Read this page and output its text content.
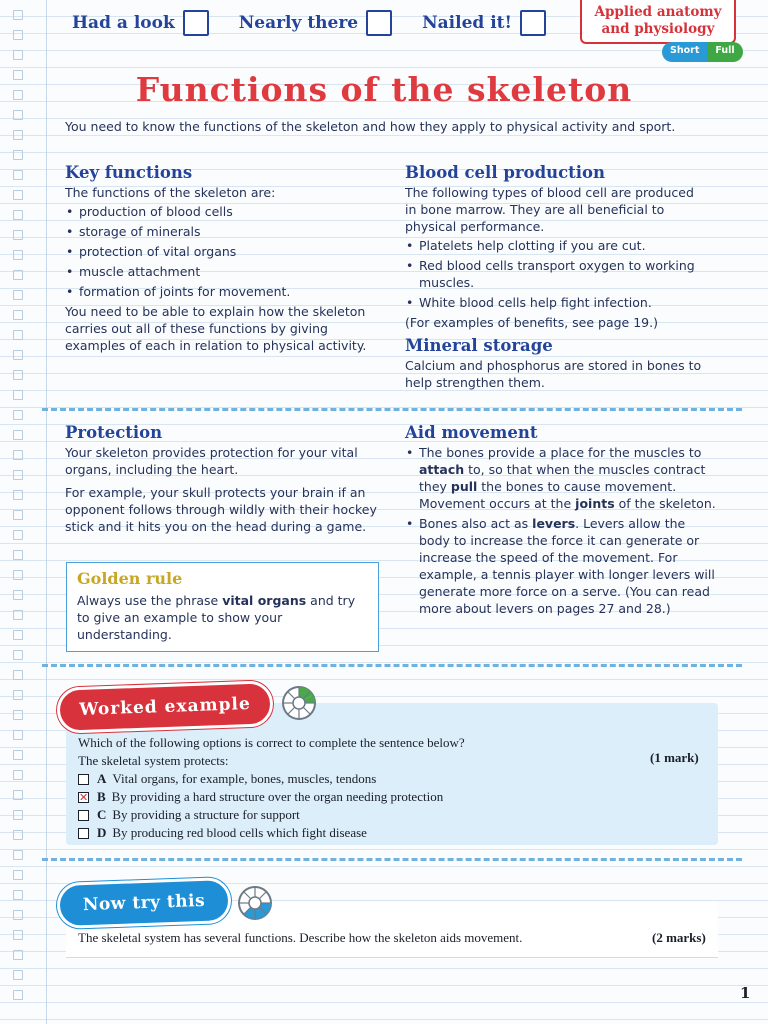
Had a look	Nearly there	Nailed it!
Applied anatomy
and physiology
Short	Full
Functions of the skeleton

You need to know the functions of the skeleton and how they apply to physical activity and sport.

Key functions

The functions of the skeleton are:

• production of blood cells
• storage of minerals
• protection of vital organs
• muscle attachment
• formation of joints for movement.

You need to be able to explain how the skeleton carries out all of these functions by giving examples of each in relation to physical activity.

Blood cell production

The following types of blood cell are produced in bone marrow. They are all beneficial to physical performance.

• Platelets help clotting if you are cut.
• Red blood cells transport oxygen to working muscles.
• White blood cells help fight infection.

(For examples of benefits, see page 19.)

Mineral storage

Calcium and phosphorus are stored in bones to help strengthen them.

Protection

Your skeleton provides protection for your vital organs, including the heart.

For example, your skull protects your brain if an opponent follows through wildly with their hockey stick and it hits you on the head during a game.

Golden rule
Always use the phrase vital organs and try to give an example to show your understanding.
Aid movement
• The bones provide a place for the muscles to attach to, so that when the muscles contract they pull the bones to cause movement. Movement occurs at the joints of the skeleton.
• Bones also act as levers. Levers allow the body to increase the force it can generate or increase the speed of the movement. For example, a tennis player with longer levers will generate more force on a serve. (You can read more about levers on pages 27 and 28.)
Worked example
Which of the following options is correct to complete the sentence below?
The skeletal system protects:
A Vital organs, for example, bones, muscles, tendons
✕ B By providing a hard structure over the organ needing protection
C By providing a structure for support
D By producing red blood cells which fight disease
(1 mark)
Now try this
The skeletal system has several functions. Describe how the skeleton aids movement.	(2 marks)
1
